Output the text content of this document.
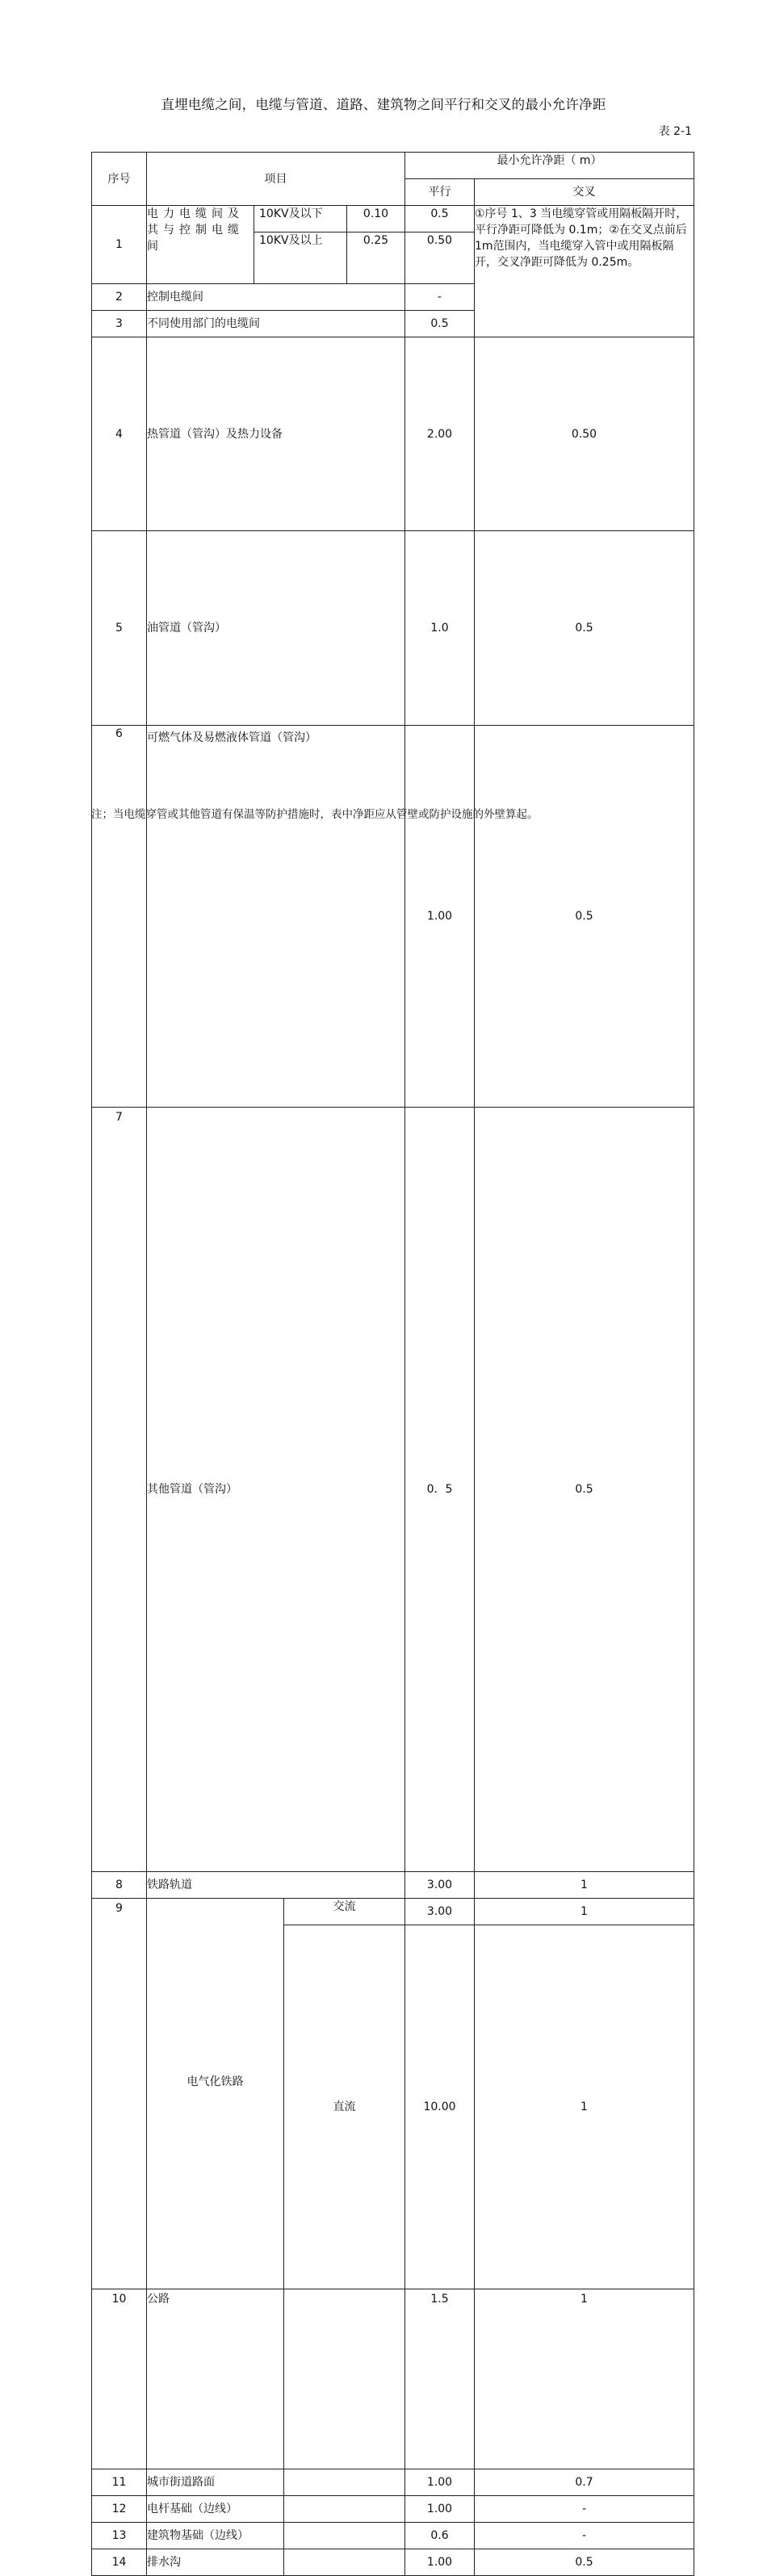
直埋电缆之间，电缆与管道、道路、建筑物之间平行和交叉的最小允许净距
表 2-1
序号	项目				最小允许净距（ m）	
					平行	交叉	
1	电力电缆间及其与控制电缆间	10KV及以下		0.10	0.5	①序号 1、3 当电缆穿管或用隔板隔开时，平行净距可降低为 0.1m；②在交叉点前后 1m范围内，当电缆穿入管中或用隔板隔开，交叉净距可降低为 0.25m。	
		10KV及以上		0.25	0.50		
2	控制电缆间				-	
3	不同使用部门的电缆间				0.5	
4	热管道（管沟）及热力设备				2.00	0.50	
5	油管道（管沟）				1.0	0.5	
6	可燃气体及易燃液体管道（管沟）				1.00	0.5	
7	其他管道（管沟）				0．5	0.5	
8	铁路轨道				3.00	1	
9	电气化铁路		交流		3.00	1	
			直流		10.00	1	
10	公路				1.5	1	
11	城市街道路面				1.00	0.7	
12	电杆基础（边线）				1.00	-	
13	建筑物基础（边线）				0.6	-	
14	排水沟				1.00	0.5	
注；当电缆穿管或其他管道有保温等防护措施时，表中净距应从管壁或防护设施的外壁算起。
